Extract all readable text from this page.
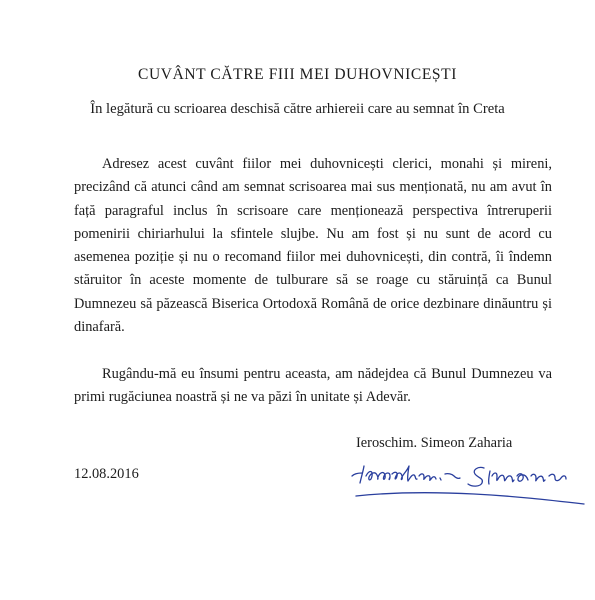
CUVÂNT CĂTRE FIII MEI DUHOVNICEȘTI
În legătură cu scrioarea deschisă către arhiereii care au semnat în Creta

Adresez acest cuvânt fiilor mei duhovnicești clerici, monahi și mireni, precizând că atunci când am semnat scrisoarea mai sus menționată, nu am avut în față paragraful inclus în scrisoare care menționează perspectiva întreruperii pomenirii chiriarhului la sfintele slujbe. Nu am fost și nu sunt de acord cu asemenea poziție și nu o recomand fiilor mei duhovnicești, din contră, îi îndemn stăruitor în aceste momente de tulburare să se roage cu stăruință ca Bunul Dumnezeu să păzească Biserica Ortodoxă Română de orice dezbinare dinăuntru și dinafară.

Rugându-mă eu însumi pentru aceasta, am nădejdea că Bunul Dumnezeu va primi rugăciunea noastră și ne va păzi în unitate și Adevăr.

Ieroschim. Simeon Zaharia
12.08.2016
